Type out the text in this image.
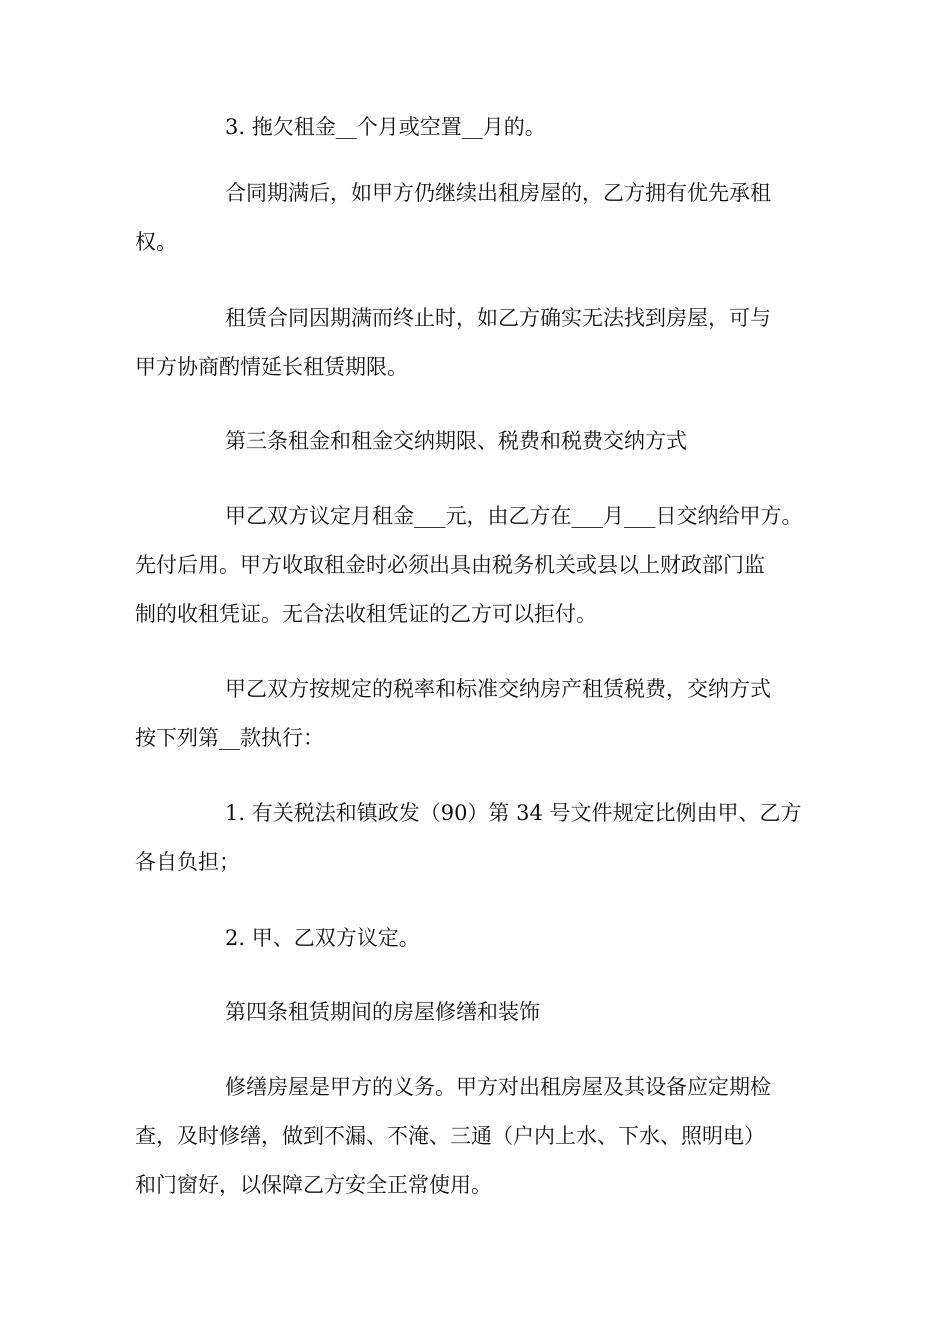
3. 拖欠租金__个月或空置__月的。
合同期满后，如甲方仍继续出租房屋的，乙方拥有优先承租
权。
租赁合同因期满而终止时，如乙方确实无法找到房屋，可与
甲方协商酌情延长租赁期限。
第三条租金和租金交纳期限、税费和税费交纳方式
甲乙双方议定月租金___元，由乙方在___月___日交纳给甲方。
先付后用。甲方收取租金时必须出具由税务机关或县以上财政部门监
制的收租凭证。无合法收租凭证的乙方可以拒付。
甲乙双方按规定的税率和标准交纳房产租赁税费，交纳方式
按下列第__款执行：
1. 有关税法和镇政发（90）第 34 号文件规定比例由甲、乙方
各自负担；
2. 甲、乙双方议定。
第四条租赁期间的房屋修缮和装饰
修缮房屋是甲方的义务。甲方对出租房屋及其设备应定期检
查，及时修缮，做到不漏、不淹、三通（户内上水、下水、照明电）
和门窗好，以保障乙方安全正常使用。
